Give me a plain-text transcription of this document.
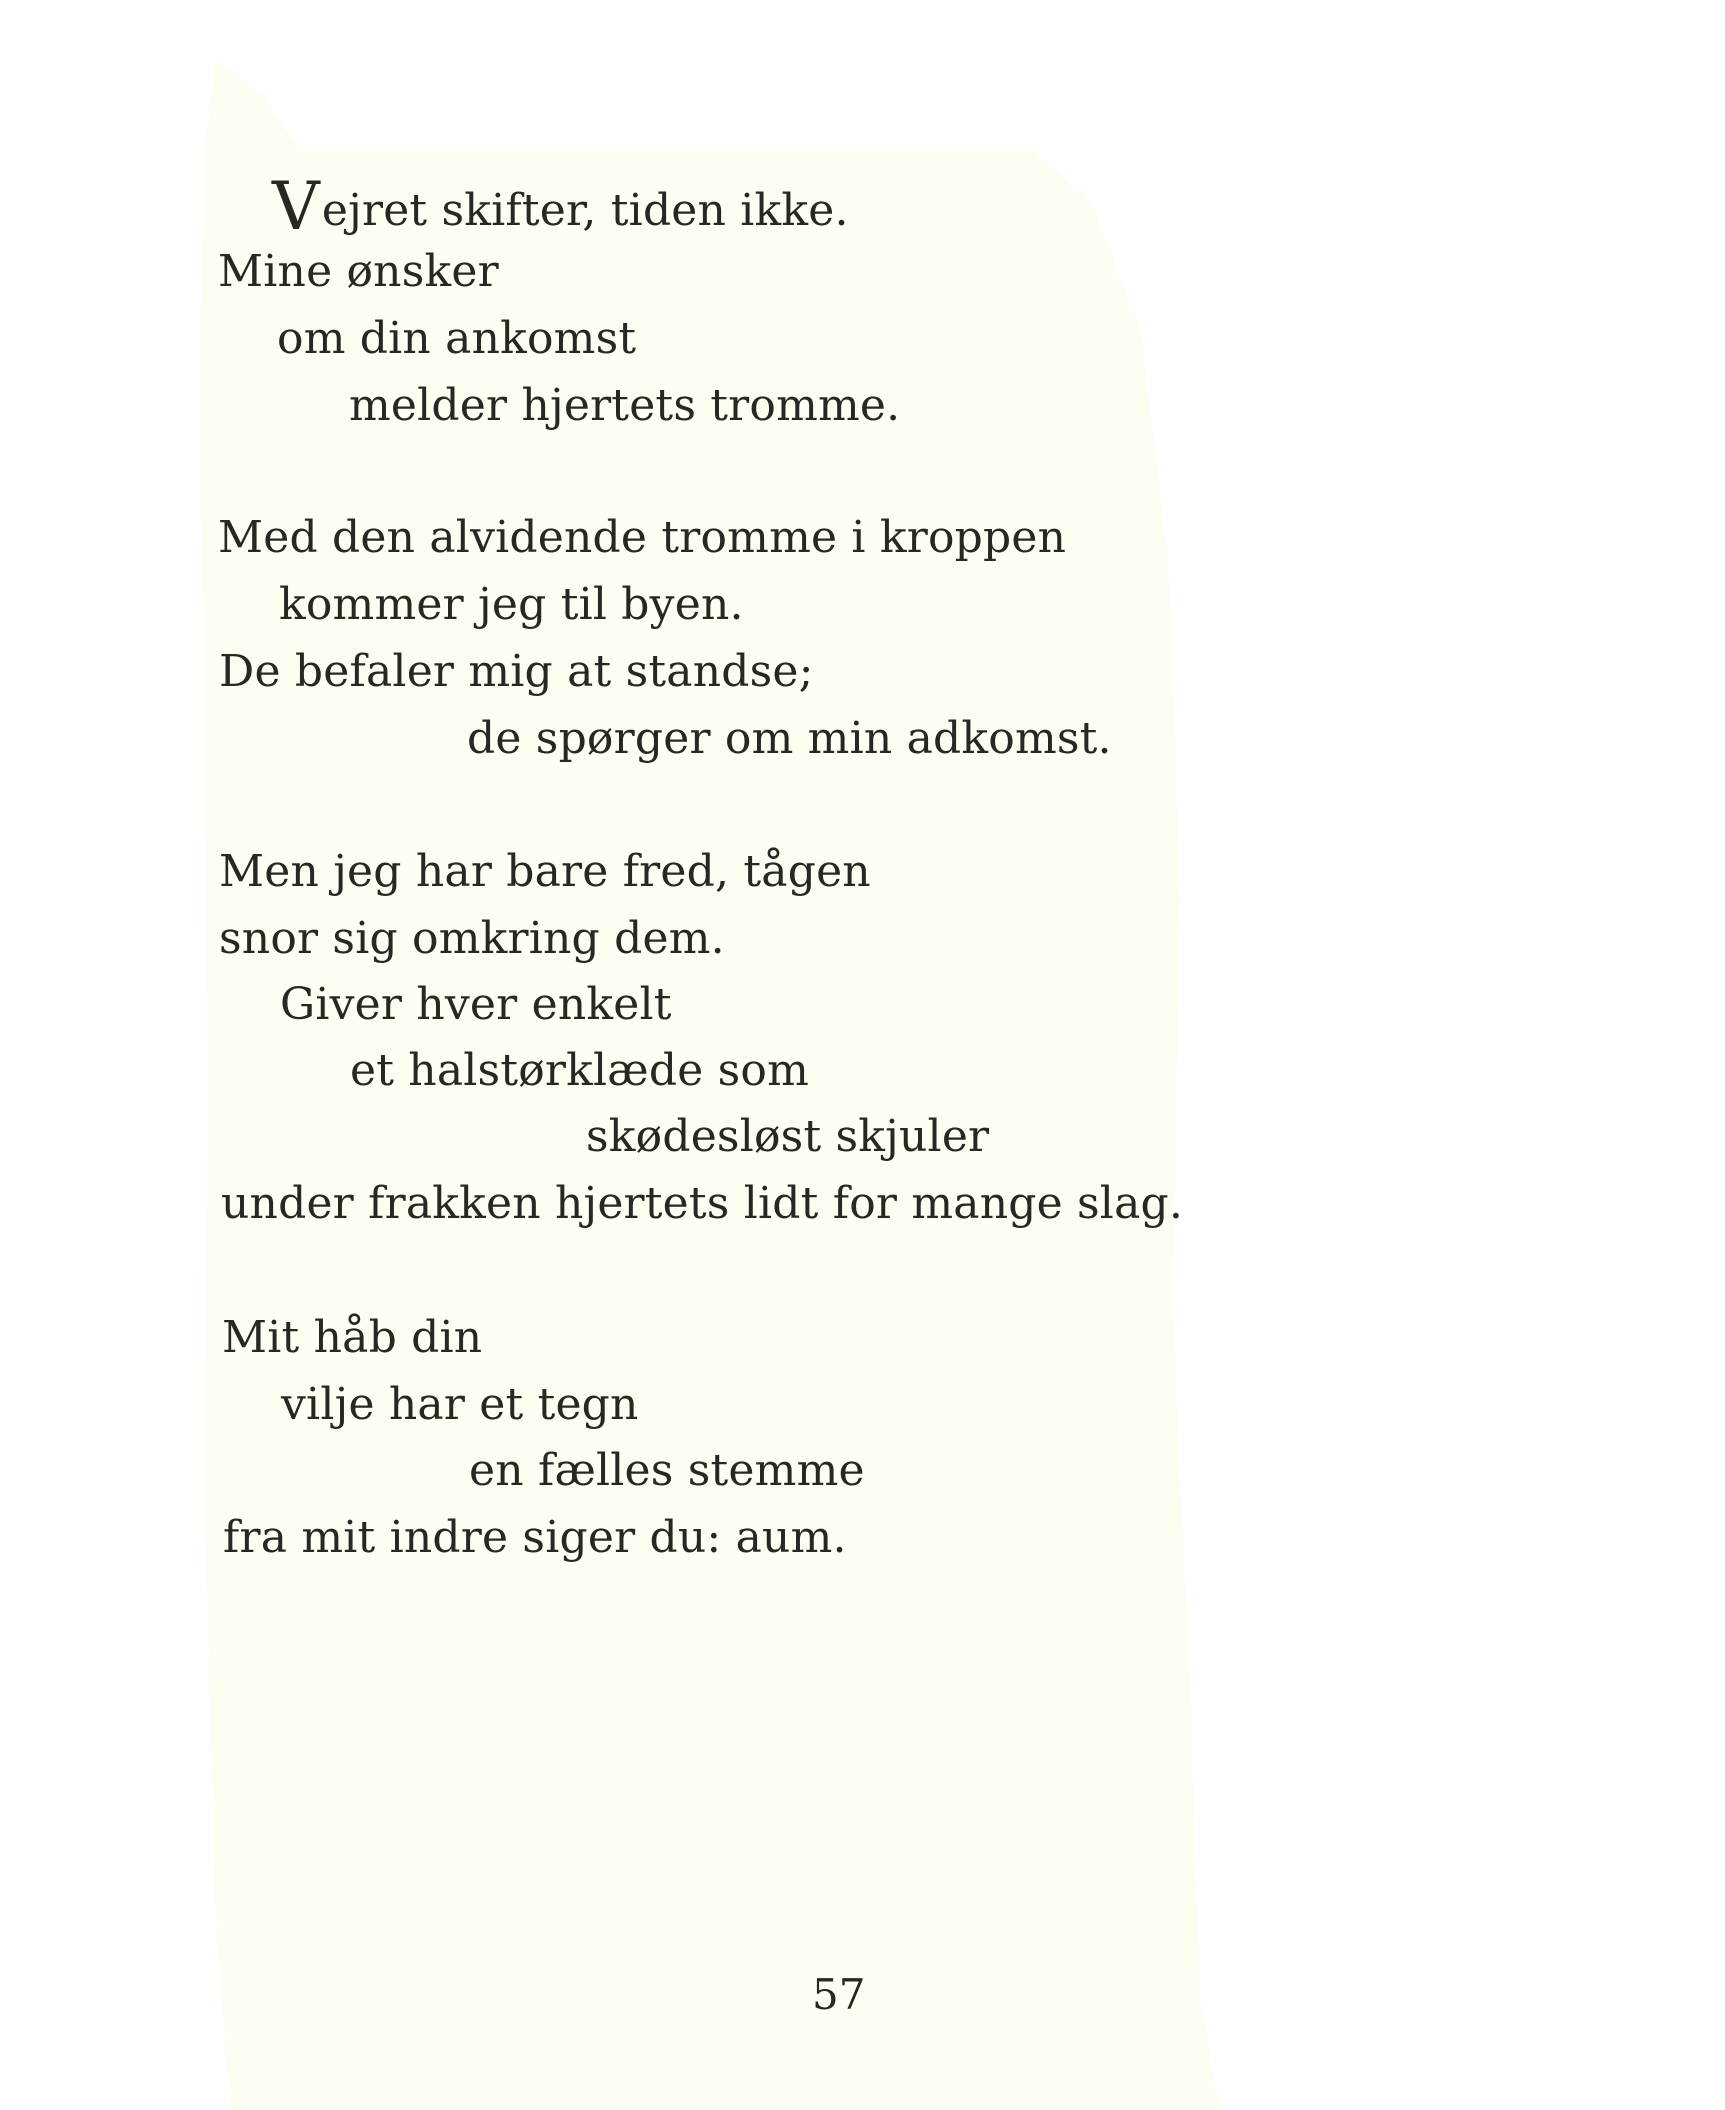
Vejret skifter, tiden ikke.
Mine ønsker
om din ankomst
melder hjertets tromme.
Med den alvidende tromme i kroppen
kommer jeg til byen.
De befaler mig at standse;
de spørger om min adkomst.
Men jeg har bare fred, tågen
snor sig omkring dem.
Giver hver enkelt
et halstørklæde som
skødesløst skjuler
under frakken hjertets lidt for mange slag.
Mit håb din
vilje har et tegn
en fælles stemme
fra mit indre siger du: aum.
57
